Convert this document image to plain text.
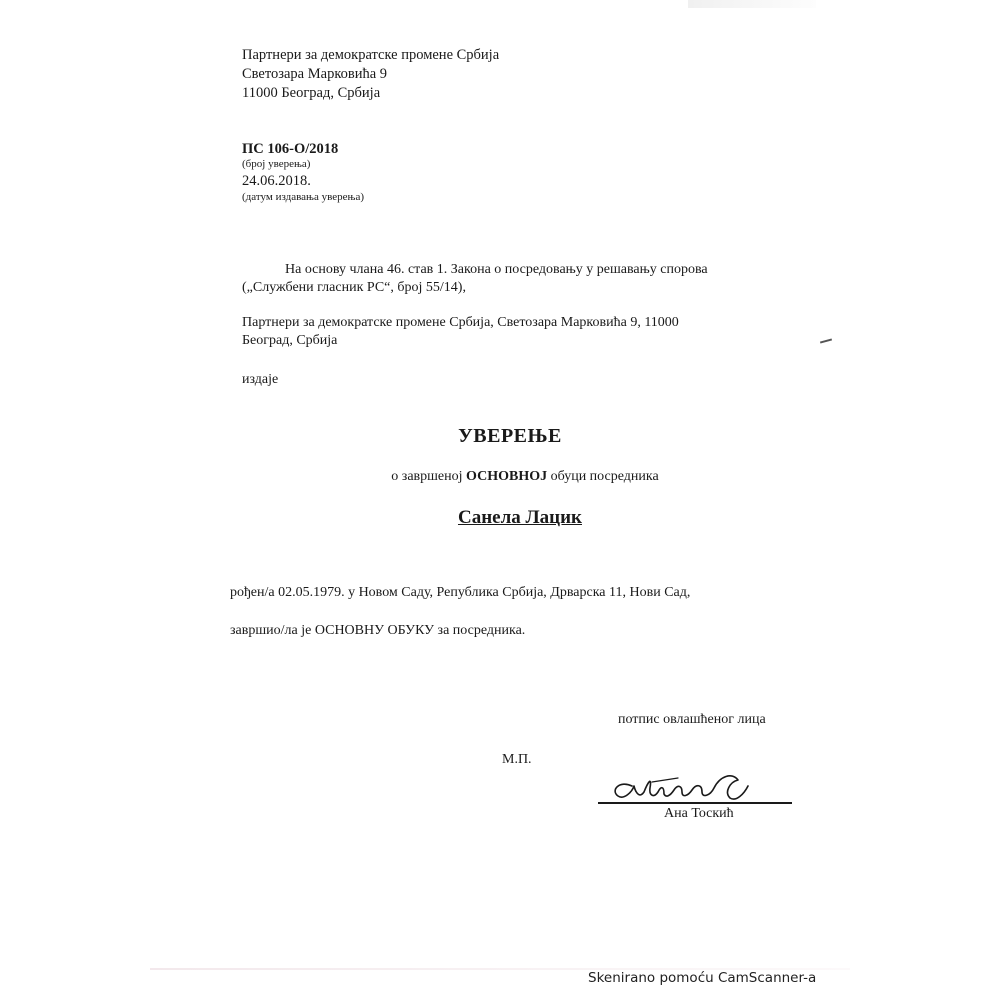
Партнери за демократске промене Србија
Светозара Марковића 9
11000 Београд, Србија
ПС 106-О/2018
(број уверења)
24.06.2018.
(датум издавања уверења)
На основу члана 46. став 1. Закона о посредовању у решавању спорова
(„Службени гласник РС“, број 55/14),
Партнери за демократске промене Србија, Светозара Марковића 9, 11000
Београд, Србија
издаје
УВЕРЕЊЕ
о завршеној ОСНОВНОЈ обуци посредника
Санела Лацик
рођен/а 02.05.1979. у Новом Саду, Република Србија, Дрварска 11, Нови Сад,
завршио/ла је ОСНОВНУ ОБУКУ за посредника.
потпис овлашћеног лица
М.П.
Ана Тоскић
Skenirano pomoću CamScanner-a
